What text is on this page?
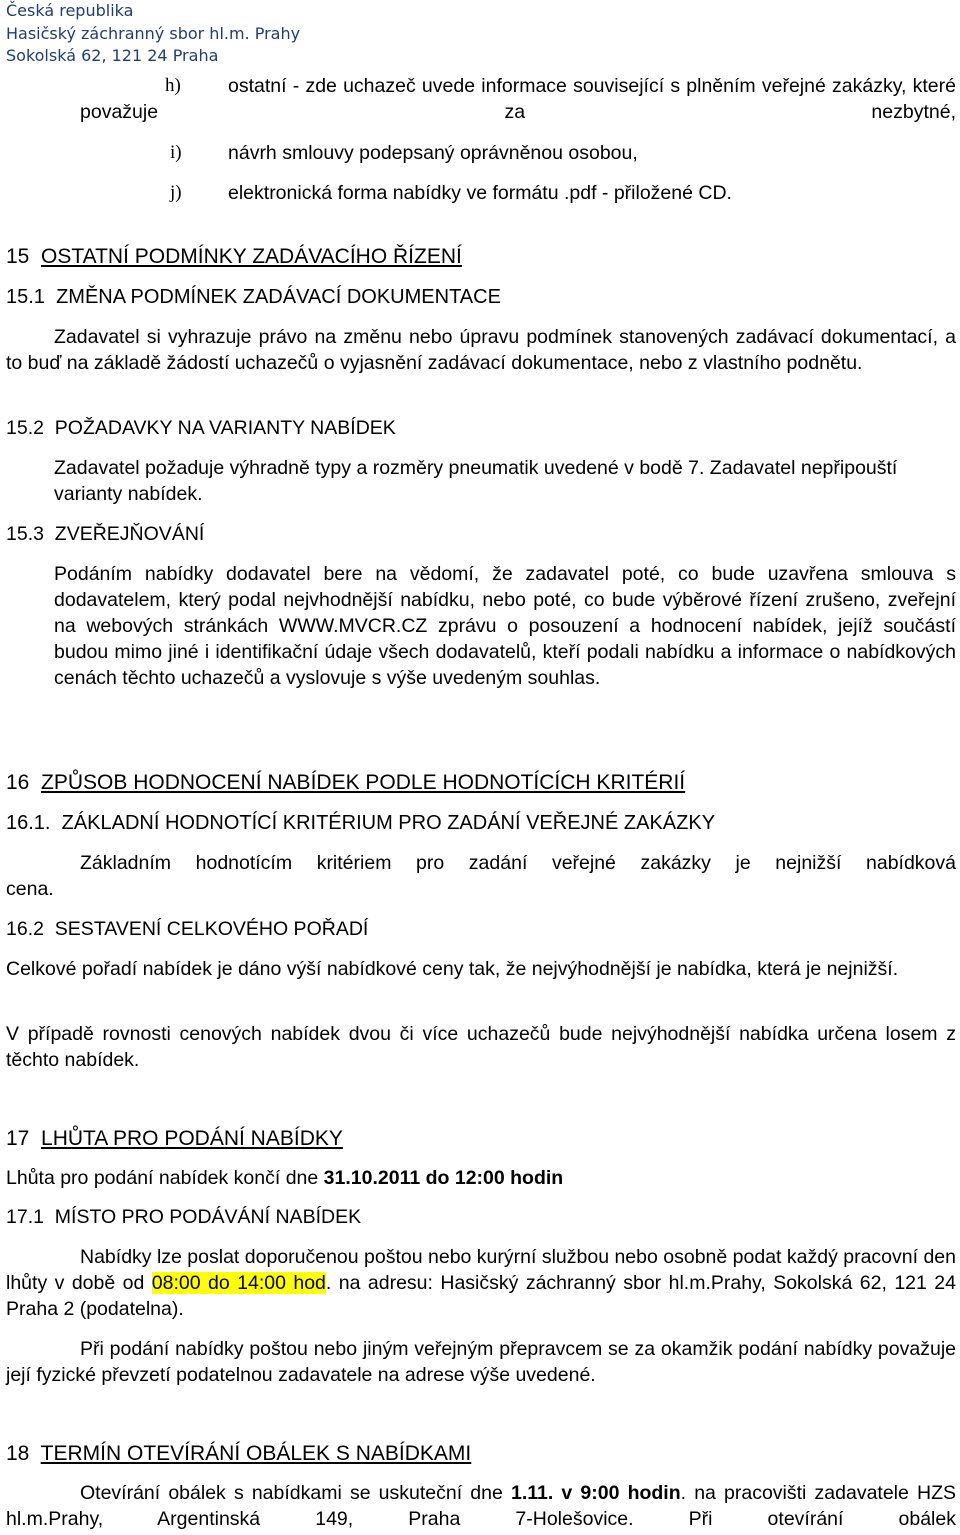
Česká republika
Hasičský záchranný sbor hl.m. Prahy
Sokolská 62, 121 24 Praha
h)	ostatní - zde uchazeč uvede informace související s plněním veřejné zakázky, které považuje za nezbytné,

i) návrh smlouvy podepsaný oprávněnou osobou,

j) elektronická forma nabídky ve formátu .pdf - přiložené CD.

15 OSTATNÍ PODMÍNKY ZADÁVACÍHO ŘÍZENÍ
15.1 ZMĚNA PODMÍNEK ZADÁVACÍ DOKUMENTACE

Zadavatel si vyhrazuje právo na změnu nebo úpravu podmínek stanovených zadávací dokumentací, a to buď na základě žádostí uchazečů o vyjasnění zadávací dokumentace, nebo z vlastního podnětu.

15.2 POŽADAVKY NA VARIANTY NABÍDEK

Zadavatel požaduje výhradně typy a rozměry pneumatik uvedené v bodě 7. Zadavatel nepřipouští varianty nabídek.

15.3 ZVEŘEJŇOVÁNÍ

Podáním nabídky dodavatel bere na vědomí, že zadavatel poté, co bude uzavřena smlouva s dodavatelem, který podal nejvhodnější nabídku, nebo poté, co bude výběrové řízení zrušeno, zveřejní na webových stránkách WWW.MVCR.CZ zprávu o posouzení a hodnocení nabídek, jejíž součástí budou mimo jiné i identifikační údaje všech dodavatelů, kteří podali nabídku a informace o nabídkových cenách těchto uchazečů a vyslovuje s výše uvedeným souhlas.

16 ZPŮSOB HODNOCENÍ NABÍDEK PODLE HODNOTÍCÍCH KRITÉRIÍ
16.1. ZÁKLADNÍ HODNOTÍCÍ KRITÉRIUM PRO ZADÁNÍ VEŘEJNÉ ZAKÁZKY

Základním hodnotícím kritériem pro zadání veřejné zakázky je nejnižší nabídková

cena.

16.2 SESTAVENÍ CELKOVÉHO POŘADÍ

Celkové pořadí nabídek je dáno výší nabídkové ceny tak, že nejvýhodnější je nabídka, která je nejnižší.

V případě rovnosti cenových nabídek dvou či více uchazečů bude nejvýhodnější nabídka určena losem z těchto nabídek.

17 LHŮTA PRO PODÁNÍ NABÍDKY

Lhůta pro podání nabídek končí dne 31.10.2011 do 12:00 hodin

17.1 MÍSTO PRO PODÁVÁNÍ NABÍDEK

Nabídky lze poslat doporučenou poštou nebo kurýrní službou nebo osobně podat každý pracovní den lhůty v době od 08:00 do 14:00 hod. na adresu: Hasičský záchranný sbor hl.m.Prahy, Sokolská 62, 121 24 Praha 2 (podatelna).

Při podání nabídky poštou nebo jiným veřejným přepravcem se za okamžik podání nabídky považuje její fyzické převzetí podatelnou zadavatele na adrese výše uvedené.

18 TERMÍN OTEVÍRÁNÍ OBÁLEK S NABÍDKAMI

Otevírání obálek s nabídkami se uskuteční dne 1.11. v 9:00 hodin. na pracovišti zadavatele HZS hl.m.Prahy, Argentinská 149, Praha 7-Holešovice. Při otevírání obálek
